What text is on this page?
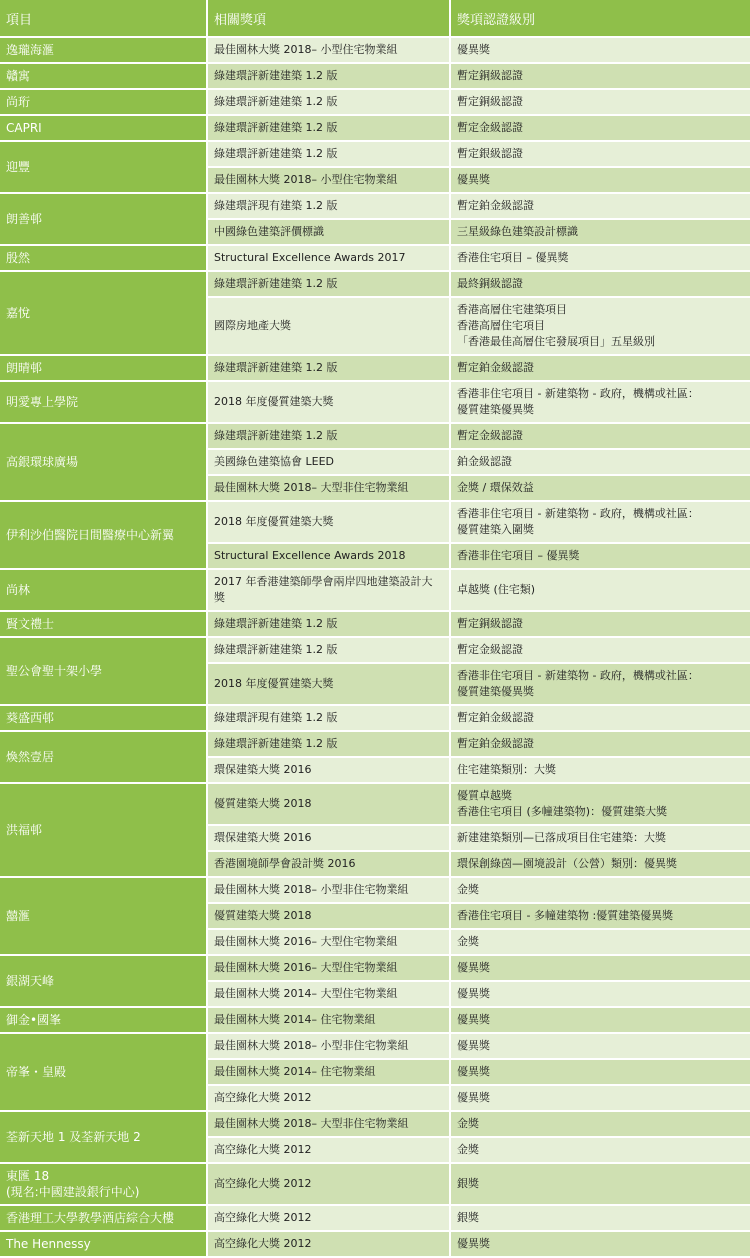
項目	相關獎項	獎項認證級別
逸瓏海滙	最佳園林大獎 2018– 小型住宅物業組	優異獎
贛寓	綠建環評新建建築 1.2 版	暫定銅級認證
尚珩	綠建環評新建建築 1.2 版	暫定銅級認證
CAPRI	綠建環評新建建築 1.2 版	暫定金級認證
迎豐	綠建環評新建建築 1.2 版	暫定銀級認證
	最佳園林大獎 2018– 小型住宅物業組	優異獎
朗善邨	綠建環評現有建築 1.2 版	暫定鉑金級認證
	中國綠色建築評價標識	三星級綠色建築設計標識
殷然	Structural Excellence Awards 2017	香港住宅項目 – 優異獎
嘉悅	綠建環評新建建築 1.2 版	最終銅級認證
	國際房地產大獎	香港高層住宅建築項目
香港高層住宅項目
「香港最佳高層住宅發展項目」五星級別
朗晴邨	綠建環評新建建築 1.2 版	暫定鉑金級認證
明愛專上學院	2018 年度優質建築大獎	香港非住宅項目 - 新建築物 - 政府，機構或社區：
優質建築優異獎
高銀環球廣場	綠建環評新建建築 1.2 版	暫定金級認證
	美國綠色建築協會 LEED	鉑金級認證
	最佳園林大獎 2018– 大型非住宅物業組	金獎 / 環保效益
伊利沙伯醫院日間醫療中心新翼	2018 年度優質建築大獎	香港非住宅項目 - 新建築物 - 政府，機構或社區：
優質建築入圍獎
	Structural Excellence Awards 2018	香港非住宅項目 – 優異獎
尚林	2017 年香港建築師學會兩岸四地建築設計大獎	卓越獎 (住宅類)
賢文禮士	綠建環評新建建築 1.2 版	暫定銅級認證
聖公會聖十架小學	綠建環評新建建築 1.2 版	暫定金級認證
	2018 年度優質建築大獎	香港非住宅項目 - 新建築物 - 政府，機構或社區：
優質建築優異獎
葵盛西邨	綠建環評現有建築 1.2 版	暫定鉑金級認證
煥然壹居	綠建環評新建建築 1.2 版	暫定鉑金級認證
	環保建築大獎 2016	住宅建築類別：大獎
洪福邨	優質建築大獎 2018	優質卓越獎
香港住宅項目 (多幢建築物)：優質建築大獎
	環保建築大獎 2016	新建建築類別—已落成項目住宅建築：大獎
	香港園境師學會設計獎 2016	環保創綠茵—園境設計（公營）類別：優異獎
囍滙	最佳園林大獎 2018– 小型非住宅物業組	金獎
	優質建築大獎 2018	香港住宅項目 - 多幢建築物 :優質建築優異獎
	最佳園林大獎 2016– 大型住宅物業組	金獎
銀湖天峰	最佳園林大獎 2016– 大型住宅物業組	優異獎
	最佳園林大獎 2014– 大型住宅物業組	優異獎
御金•國峯	最佳園林大獎 2014– 住宅物業組	優異獎
帝峯・皇殿	最佳園林大獎 2018– 小型非住宅物業組	優異獎
	最佳園林大獎 2014– 住宅物業組	優異獎
	高空綠化大獎 2012	優異獎
荃新天地 1 及荃新天地 2	最佳園林大獎 2018– 大型非住宅物業組	金獎
	高空綠化大獎 2012	金獎
東匯 18
(現名:中國建設銀行中心)	高空綠化大獎 2012	銀獎
香港理工大學教學酒店綜合大樓	高空綠化大獎 2012	銀獎
The Hennessy	高空綠化大獎 2012	優異獎
